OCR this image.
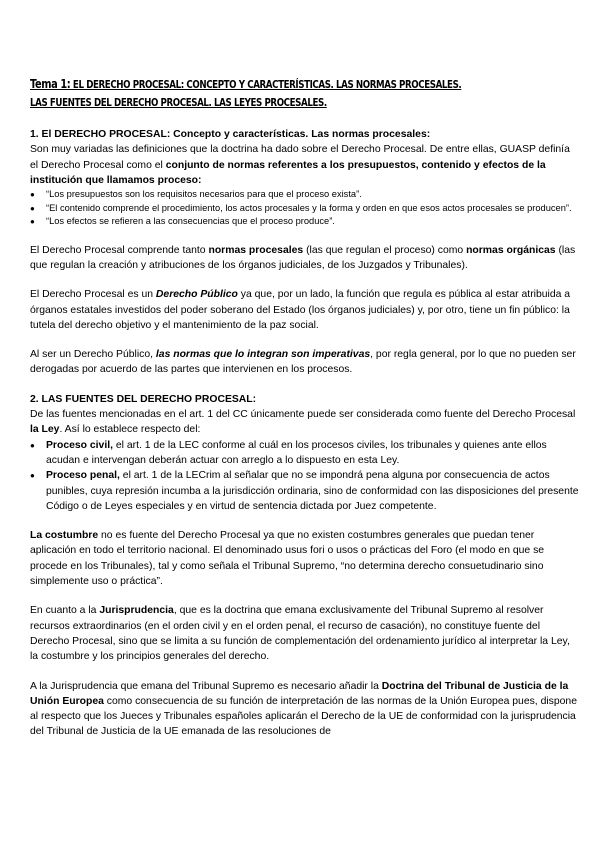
Tema 1: EL DERECHO PROCESAL: CONCEPTO Y CARACTERÍSTICAS. LAS NORMAS PROCESALES. LAS FUENTES DEL DERECHO PROCESAL. LAS LEYES PROCESALES.

1. El DERECHO PROCESAL: Concepto y características. Las normas procesales:

Son muy variadas las definiciones que la doctrina ha dado sobre el Derecho Procesal. De entre ellas, GUASP definía el Derecho Procesal como el conjunto de normas referentes a los presupuestos, contenido y efectos de la institución que llamamos proceso:

● “Los presupuestos son los requisitos necesarios para que el proceso exista”.
● “El contenido comprende el procedimiento, los actos procesales y la forma y orden en que esos actos procesales se producen”.
● “Los efectos se refieren a las consecuencias que el proceso produce”.

El Derecho Procesal comprende tanto normas procesales (las que regulan el proceso) como normas orgánicas (las que regulan la creación y atribuciones de los órganos judiciales, de los Juzgados y Tribunales).

El Derecho Procesal es un Derecho Público ya que, por un lado, la función que regula es pública al estar atribuida a órganos estatales investidos del poder soberano del Estado (los órganos judiciales) y, por otro, tiene un fin público: la tutela del derecho objetivo y el mantenimiento de la paz social.

Al ser un Derecho Público, las normas que lo integran son imperativas, por regla general, por lo que no pueden ser derogadas por acuerdo de las partes que intervienen en los procesos.

2. LAS FUENTES DEL DERECHO PROCESAL:

De las fuentes mencionadas en el art. 1 del CC únicamente puede ser considerada como fuente del Derecho Procesal la Ley. Así lo establece respecto del:

● Proceso civil, el art. 1 de la LEC conforme al cuál en los procesos civiles, los tribunales y quienes ante ellos acudan e intervengan deberán actuar con arreglo a lo dispuesto en esta Ley.
● Proceso penal, el art. 1 de la LECrim al señalar que no se impondrá pena alguna por consecuencia de actos punibles, cuya represión incumba a la jurisdicción ordinaria, sino de conformidad con las disposiciones del presente Código o de Leyes especiales y en virtud de sentencia dictada por Juez competente.

La costumbre no es fuente del Derecho Procesal ya que no existen costumbres generales que puedan tener aplicación en todo el territorio nacional. El denominado usus fori o usos o prácticas del Foro (el modo en que se procede en los Tribunales), tal y como señala el Tribunal Supremo, “no determina derecho consuetudinario sino simplemente uso o práctica”.

En cuanto a la Jurisprudencia, que es la doctrina que emana exclusivamente del Tribunal Supremo al resolver recursos extraordinarios (en el orden civil y en el orden penal, el recurso de casación), no constituye fuente del Derecho Procesal, sino que se limita a su función de complementación del ordenamiento jurídico al interpretar la Ley, la costumbre y los principios generales del derecho.

A la Jurisprudencia que emana del Tribunal Supremo es necesario añadir la Doctrina del Tribunal de Justicia de la Unión Europea como consecuencia de su función de interpretación de las normas de la Unión Europea pues, dispone al respecto que los Jueces y Tribunales españoles aplicarán el Derecho de la UE de conformidad con la jurisprudencia del Tribunal de Justicia de la UE emanada de las resoluciones de
